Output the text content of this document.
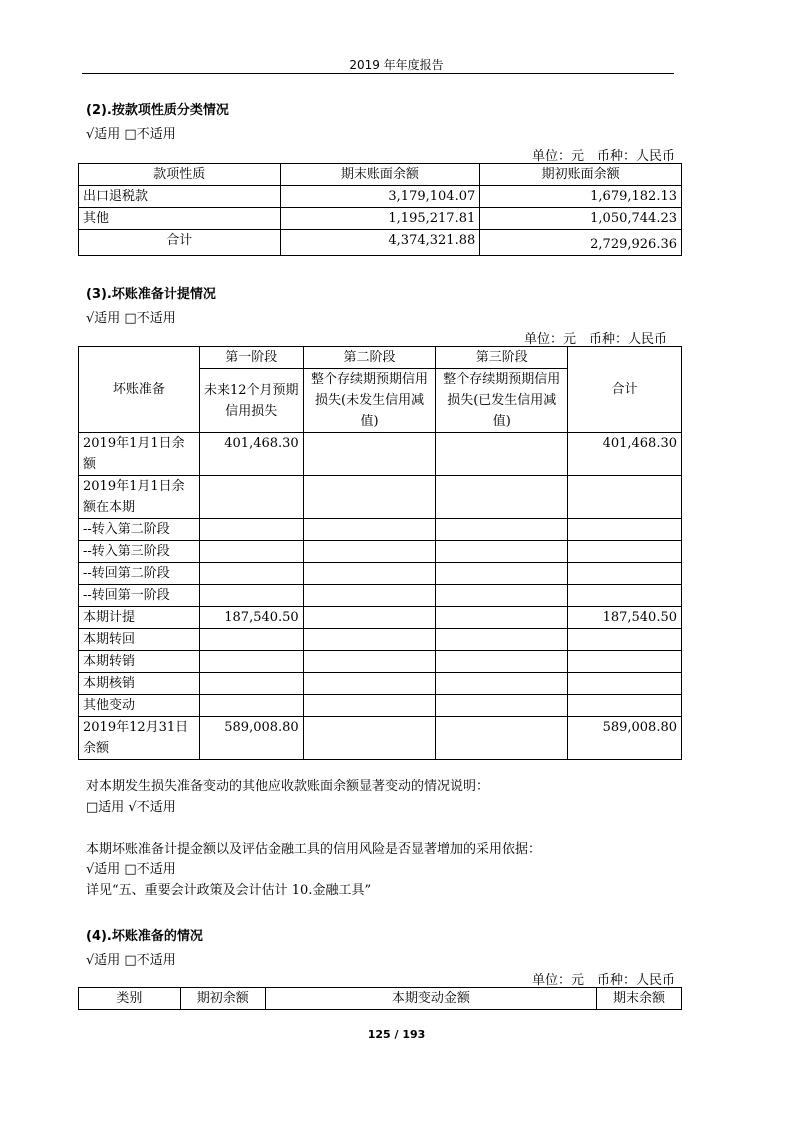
2019 年年度报告
(2).按款项性质分类情况
√适用 □不适用
单位：元　币种：人民币
款项性质	期末账面余额	期初账面余额
出口退税款	3,179,104.07	1,679,182.13
其他	1,195,217.81	1,050,744.23
合计	4,374,321.88	2,729,926.36
(3).坏账准备计提情况
√适用 □不适用
单位：元　币种：人民币
坏账准备	第一阶段	第二阶段	第三阶段	合计
	未来12个月预期信用损失	整个存续期预期信用损失(未发生信用减值)	整个存续期预期信用损失(已发生信用减值)	
2019年1月1日余额	401,468.30			401,468.30
2019年1月1日余额在本期				
--转入第二阶段				
--转入第三阶段				
--转回第二阶段				
--转回第一阶段				
本期计提	187,540.50			187,540.50
本期转回				
本期转销				
本期核销				
其他变动				
2019年12月31日余额	589,008.80			589,008.80
对本期发生损失准备变动的其他应收款账面余额显著变动的情况说明：
□适用 √不适用
本期坏账准备计提金额以及评估金融工具的信用风险是否显著增加的采用依据：
√适用 □不适用
详见“五、重要会计政策及会计估计 10.金融工具”
(4).坏账准备的情况
√适用 □不适用
单位：元　币种：人民币
类别	期初余额	本期变动金额	期末余额
125 / 193
